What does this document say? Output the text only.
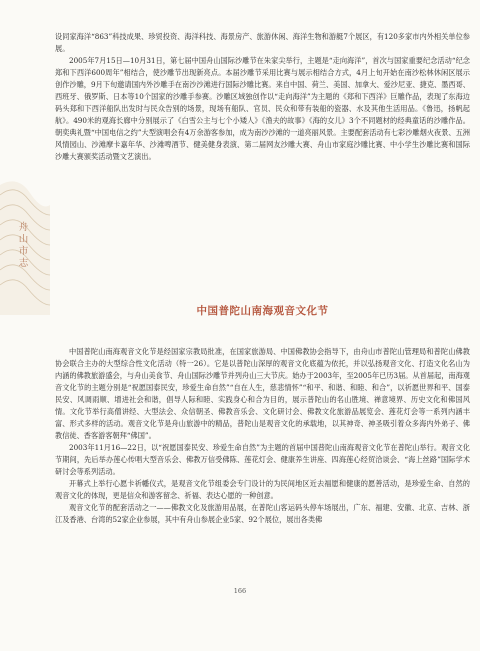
舟山市志

设同家海洋“863”科技成果、珍贸投资、海洋科技、海景房产、旅游休闲、海洋生物和游艇7个展区，有120多家市内外相关单位参展。

2005年7月15日—10月31日，第七届中国舟山国际沙雕节在朱家尖举行，主题是“走向海洋”，首次与国家重要纪念活动“纪念郑和下西洋600周年”相结合，使沙雕节出现新亮点。本届沙雕节采用比赛与展示相结合方式，4月上旬开始在南沙松林休闲区展示创作沙雕，9月下旬邀请国内外沙雕手在南沙沙滩进行国际沙雕比赛。来自中国、荷兰、美国、加拿大、爱沙尼亚、捷克、墨西哥、西班牙、俄罗斯、日本等10个国家的沙雕手参赛。沙雕区域独创作以“走向海洋”为主题的《郑和下西洋》巨雕作品，表现了东海边码头郑和下西洋船队出发时与民众告别的场景，现场有船队、官员、民众和带有装船的瓷器、水及其他生活用品。《鲁迅，扬帆起航》。490米的观海长廊中分别展示了《白雪公主与七个小矮人》《渔夫的故事》《海的女儿》3个不同题材的经典童话的沙雕作品。朝奕典礼暨“中国电信之约”大型演唱会有4万余游客参加，成为南沙沙滩的一道亮丽风景。主要配套活动有七彩沙雕烟火夜景、五洲风情园山、沙滩摩卡嘉年华、沙滩啤酒节、健美健身表演、第二届网友沙雕大赛、舟山市家庭沙雕比赛、中小学生沙雕比赛和国际沙雕大赛颁奖活动暨文艺演出。

中国普陀山南海观音文化节

中国普陀山南海观音文化节是经国家宗教局批准，在国家旅游局、中国佛教协会指导下，由舟山市普陀山管理局和普陀山佛教协会联合主办的大型综合性文化活动（特一26）。它是以普陀山深厚的观音文化底蕴为依托，并以弘扬观音文化、打造文化名山为内涵的佛教旅游盛会，与舟山美食节、舟山国际沙雕节并列舟山三大节庆。始办于2003年，至2005年已历3届。从首届起，南海观音文化节的主题分别是“祝愿国泰民安，珍爱生命自然”“自在人生，慈悲情怀”“和平、和谐、和睦、和合”，以祈愿世界和平、国泰民安、风调雨顺、增进社会和谐，倡导人际和睦、实践身心和合为目的，展示普陀山的名山胜境、禅意境界、历史文化和佛国风情。文化节举行高僧讲经、大型法会、众信朝圣、佛教音乐会、文化研讨会、佛教文化旅游品展览会、莲花灯会等一系列内涵丰富、形式多样的活动。观音文化节是舟山旅游中的精品，普陀山是观音文化的承载地，以其神奇、神圣吸引着众多海内外弟子、佛教信徒、香客游客朝拜“佛国”。

2003年11月16—22日，以“祝愿国泰民安、珍爱生命自然”为主题的首届中国普陀山南海观音文化节在普陀山举行。观音文化节期间，先后举办莲心传唱大型音乐会、佛教万信受佛陈、莲花灯会、健康养生讲座、四海莲心经贸洽谈会、“海上丝路”国际学术研讨会等系列活动。

开幕式上举行心愿卡祈幡仪式，是观音文化节组委会专门设计的为民间地区近去福愿和健康的愿善活动，是珍爱生命、自然的观音文化的体现，更是信众和游客留念、祈福、表达心愿的一种创意。

观音文化节的配套活动之一——佛教文化及旅游用品展，在普陀山客运码头停车场展出，广东、福建、安徽、北京、吉林、浙江及香港、台湾的52家企业参展，其中有舟山参展企业5家、92个展位，展出各类佛

166
